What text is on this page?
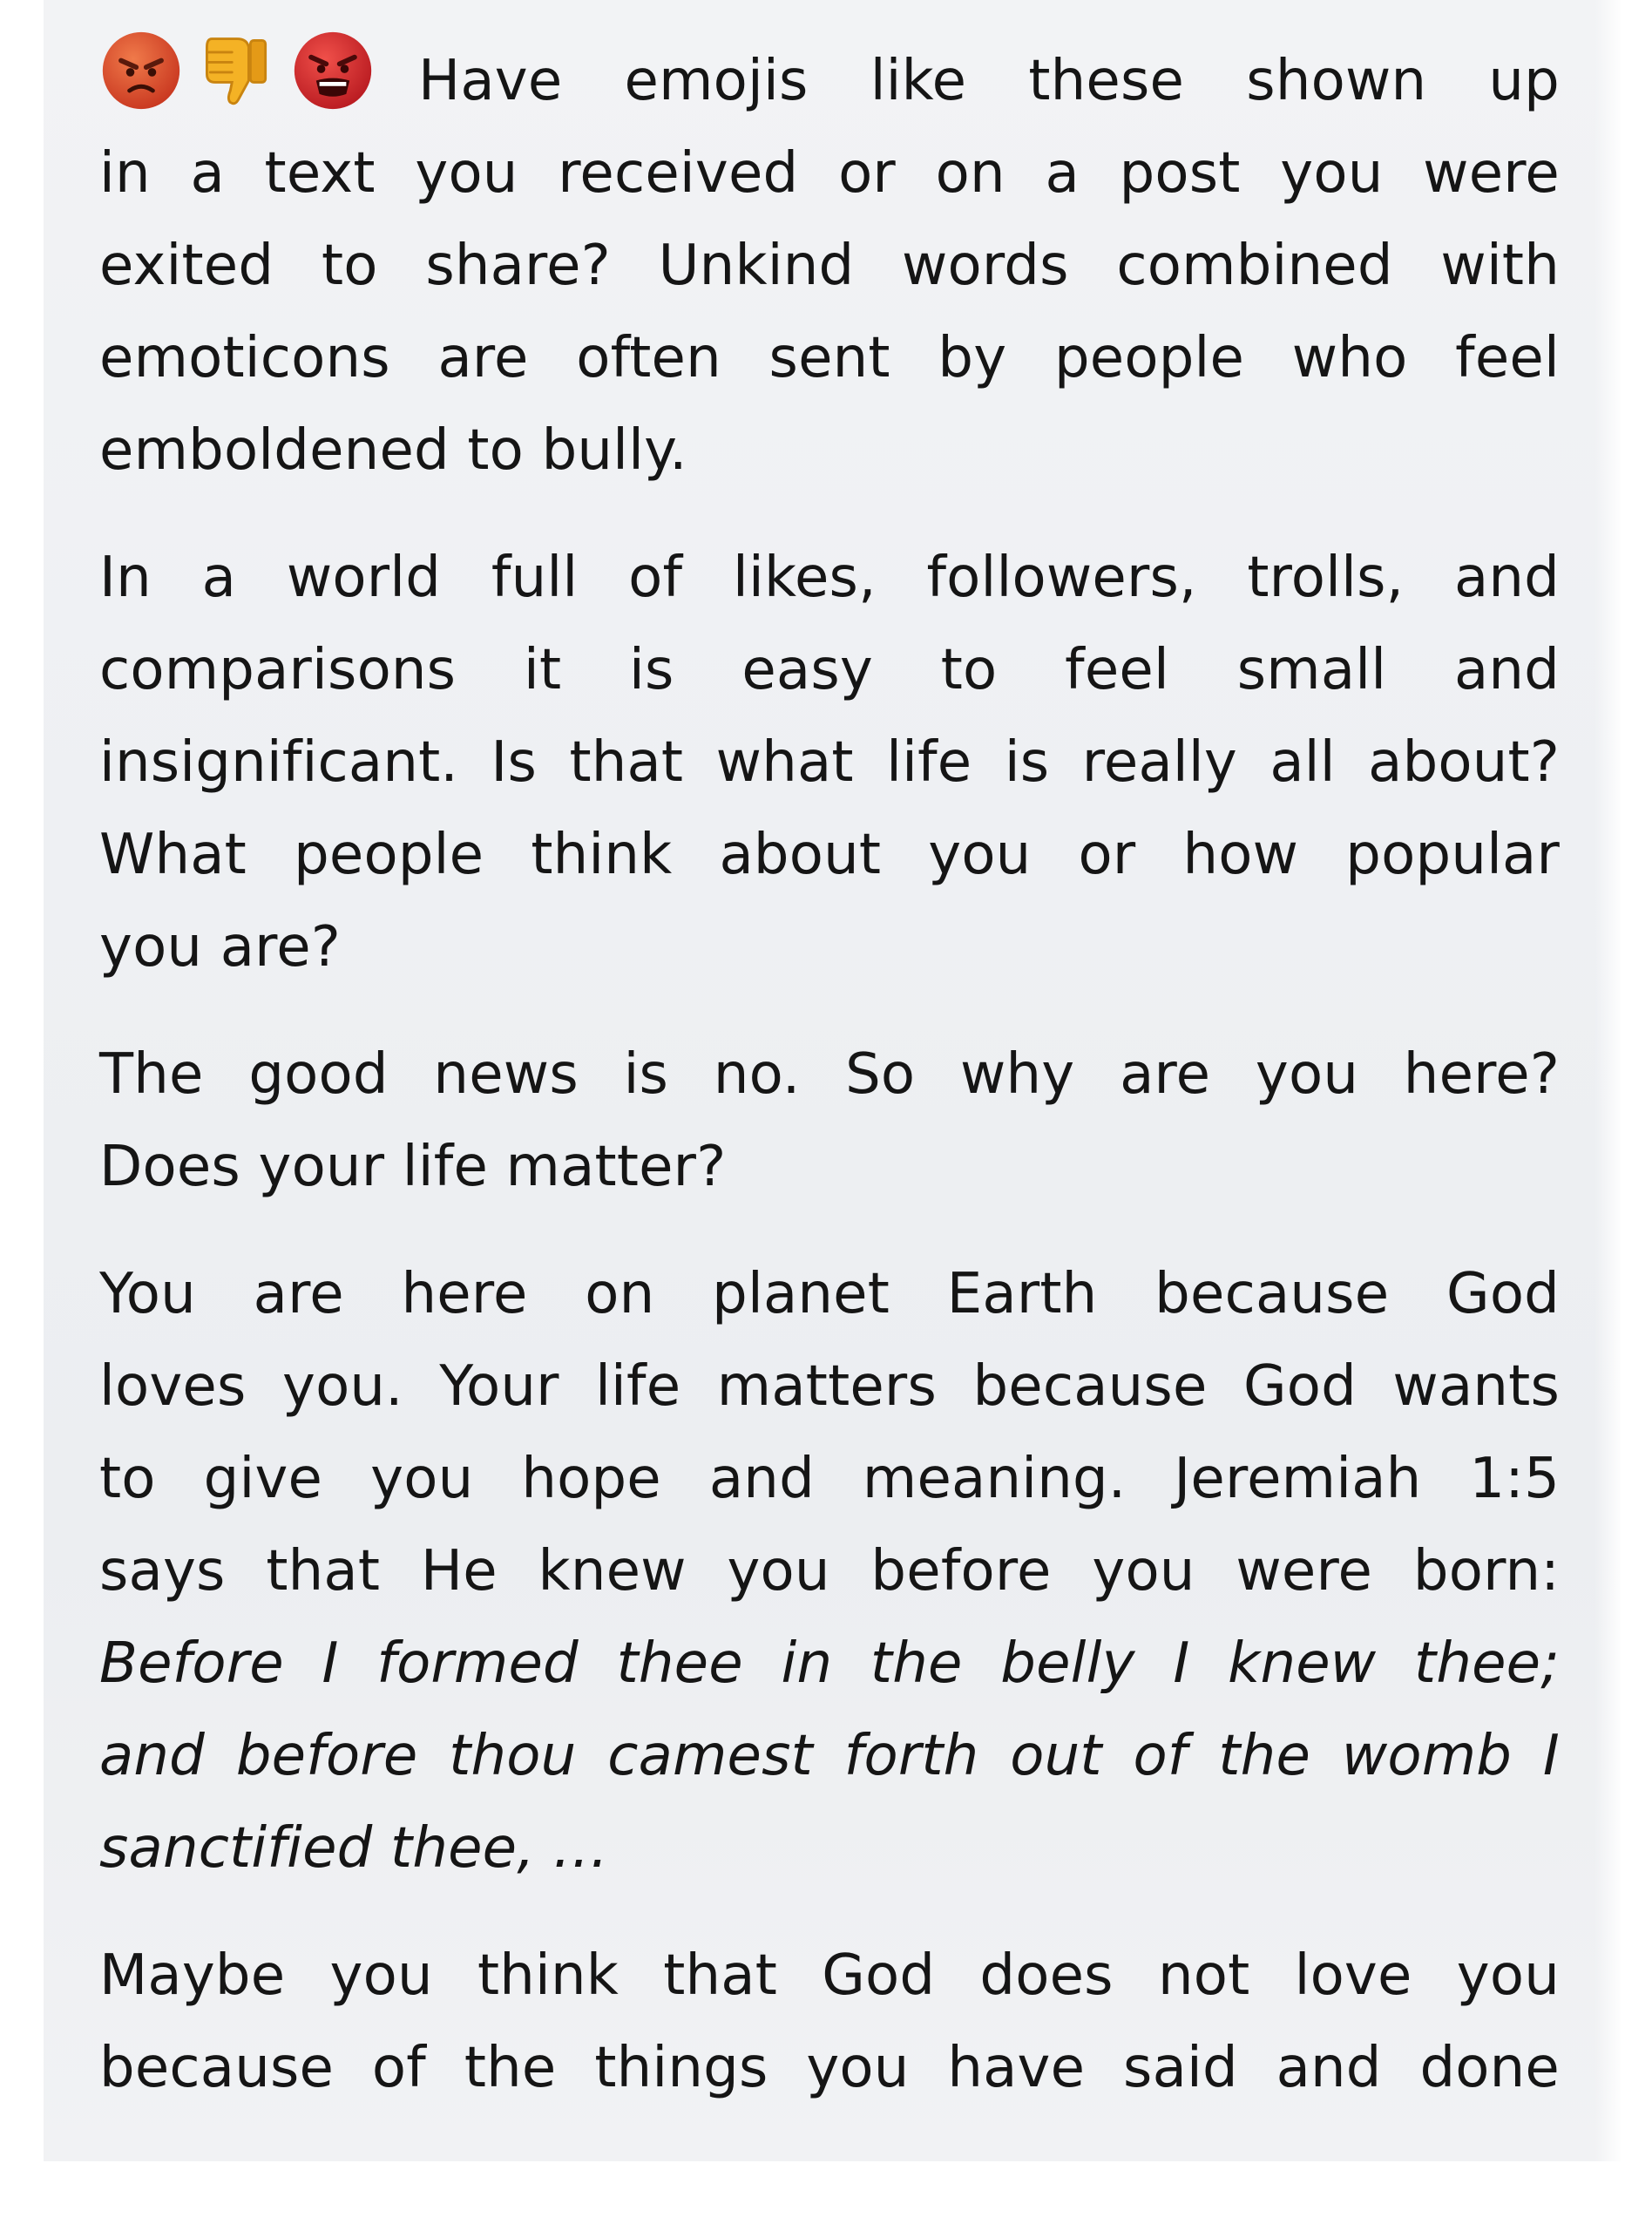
Have emojis like these shown up
in a text you received or on a post you were
exited to share? Unkind words combined with
emoticons are often sent by people who feel
emboldened to bully.
In a world full of likes, followers, trolls, and
comparisons it is easy to feel small and
insignificant. Is that what life is really all about?
What people think about you or how popular
you are?
The good news is no. So why are you here?
Does your life matter?
You are here on planet Earth because God
loves you. Your life matters because God wants
to give you hope and meaning. Jeremiah 1:5
says that He knew you before you were born:
Before I formed thee in the belly I knew thee;
and before thou camest forth out of the womb I
sanctified thee, …
Maybe you think that God does not love you
because of the things you have said and done
